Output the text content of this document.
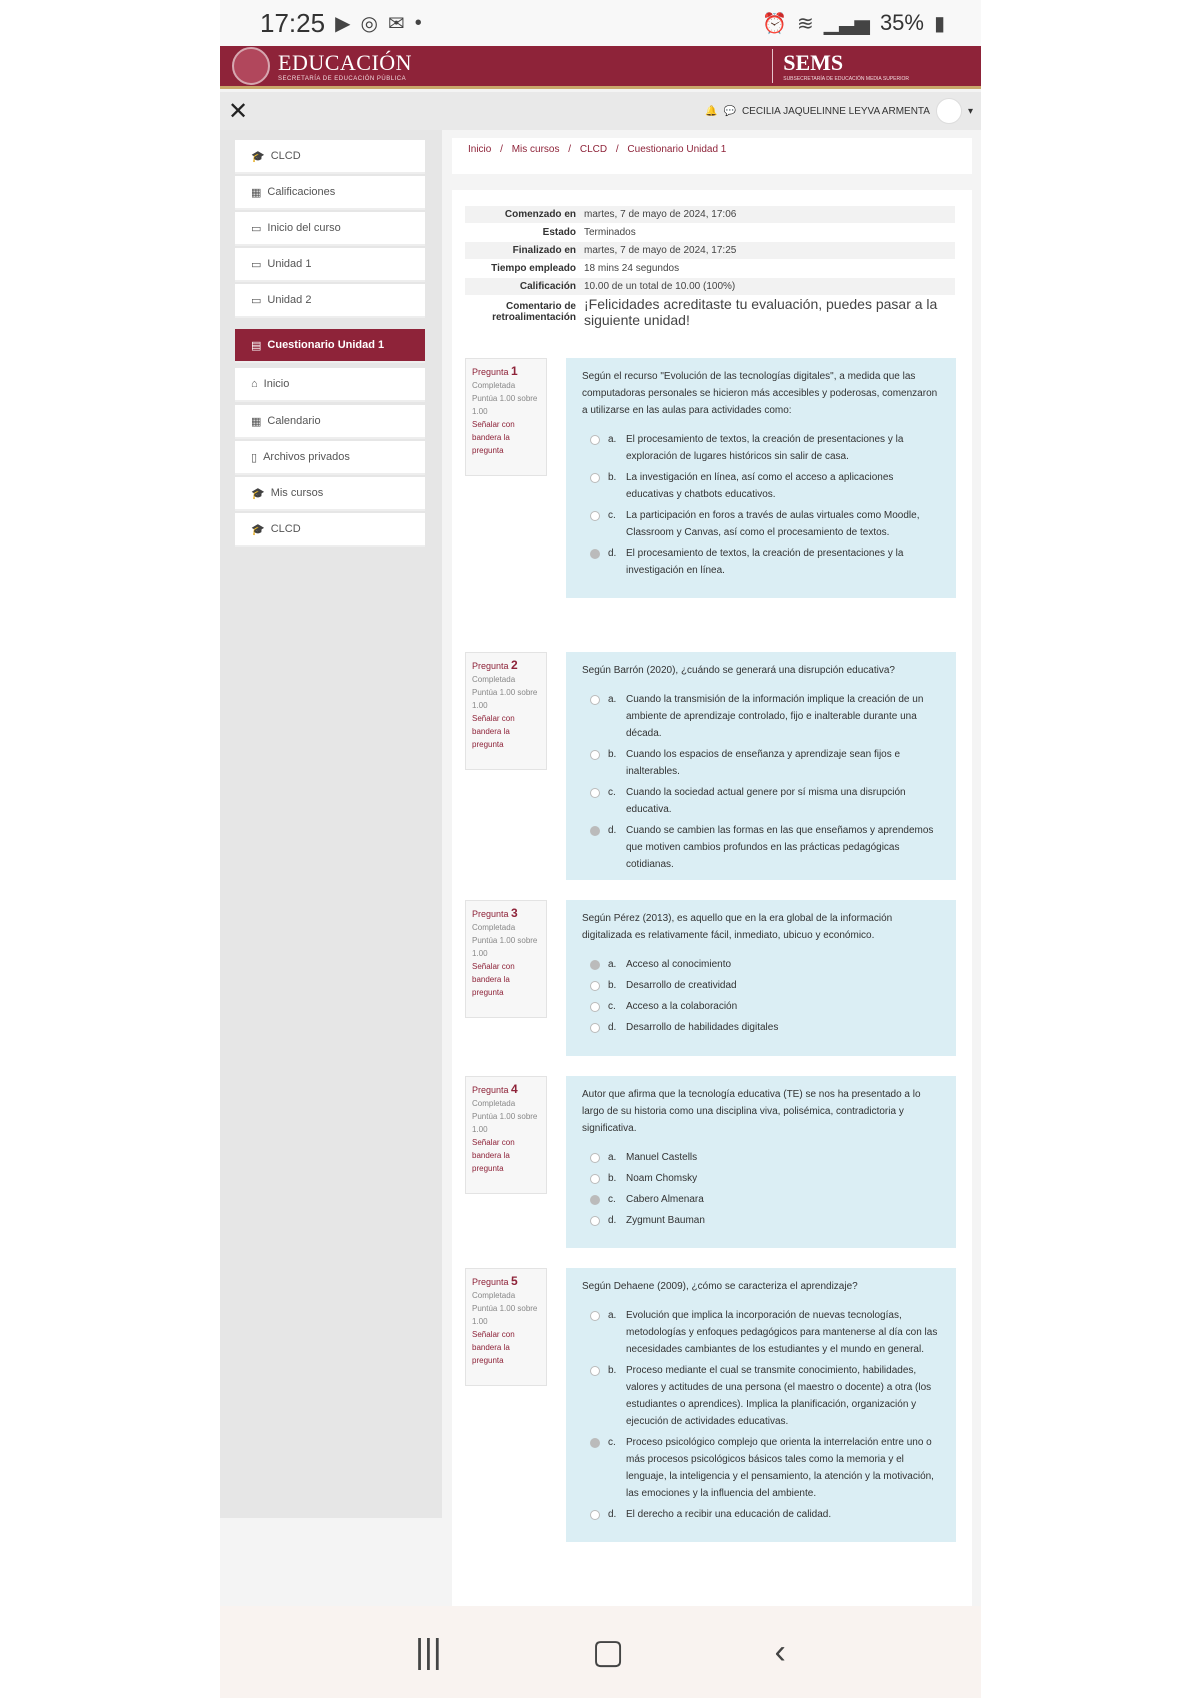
17:25 ▶ ◎ ✉ •	⏰ ≋ ▁▃▅ 35% ▮
EDUCACIÓN
SECRETARÍA DE EDUCACIÓN PÚBLICA
SEMS
SUBSECRETARÍA DE EDUCACIÓN MEDIA SUPERIOR
✕	🔔 💬 CECILIA JAQUELINNE LEYVA ARMENTA	▾
🎓 CLCD
▦ Calificaciones
▭ Inicio del curso
▭ Unidad 1
▭ Unidad 2
▤ Cuestionario Unidad 1
⌂ Inicio
▦ Calendario
▯ Archivos privados
🎓 Mis cursos
🎓 CLCD
Inicio / Mis cursos / CLCD / Cuestionario Unidad 1
Comenzado en martes, 7 de mayo de 2024, 17:06
Estado Terminados
Finalizado en martes, 7 de mayo de 2024, 17:25
Tiempo empleado 18 mins 24 segundos
Calificación 10.00 de un total de 10.00 (100%)
Comentario de retroalimentación
¡Felicidades acreditaste tu evaluación, puedes pasar a la siguiente unidad!
Pregunta 1
Completada
Puntúa 1.00 sobre 1.00
Señalar con bandera la pregunta
Según el recurso "Evolución de las tecnologías digitales", a medida que las computadoras personales se hicieron más accesibles y poderosas, comenzaron a utilizarse en las aulas para actividades como:
a. El procesamiento de textos, la creación de presentaciones y la exploración de lugares históricos sin salir de casa.
b. La investigación en línea, así como el acceso a aplicaciones educativas y chatbots educativos.
c.	La participación en foros a través de aulas virtuales como Moodle, Classroom y Canvas, así como el procesamiento de textos.
d. El procesamiento de textos, la creación de presentaciones y la investigación en línea.
Pregunta 2
Completada
Puntúa 1.00 sobre 1.00
Señalar con bandera la pregunta
Según Barrón (2020), ¿cuándo se generará una disrupción educativa?
a. Cuando la transmisión de la información implique la creación de un ambiente de aprendizaje controlado, fijo e inalterable durante una década.
b. Cuando los espacios de enseñanza y aprendizaje sean fijos e inalterables.
c.	Cuando la sociedad actual genere por sí misma una disrupción educativa.
d. Cuando se cambien las formas en las que enseñamos y aprendemos que motiven cambios profundos en las prácticas pedagógicas cotidianas.
Pregunta 3
Completada
Puntúa 1.00 sobre 1.00
Señalar con bandera la pregunta
Según Pérez (2013), es aquello que en la era global de la información digitalizada es relativamente fácil, inmediato, ubicuo y económico.
a. Acceso al conocimiento
b. Desarrollo de creatividad
c.	Acceso a la colaboración
d. Desarrollo de habilidades digitales
Pregunta 4
Completada
Puntúa 1.00 sobre 1.00
Señalar con bandera la pregunta
Autor que afirma que la tecnología educativa (TE) se nos ha presentado a lo largo de su historia como una disciplina viva, polisémica, contradictoria y significativa.
a. Manuel Castells
b. Noam Chomsky
c.	Cabero Almenara
d. Zygmunt Bauman
Pregunta 5
Completada
Puntúa 1.00 sobre 1.00
Señalar con bandera la pregunta
Según Dehaene (2009), ¿cómo se caracteriza el aprendizaje?
a. Evolución que implica la incorporación de nuevas tecnologías, metodologías y enfoques pedagógicos para mantenerse al día con las necesidades cambiantes de los estudiantes y el mundo en general.
b. Proceso mediante el cual se transmite conocimiento, habilidades, valores y actitudes de una persona (el maestro o docente) a otra (los estudiantes o aprendices). Implica la planificación, organización y ejecución de actividades educativas.
c.	Proceso psicológico complejo que orienta la interrelación entre uno o más procesos psicológicos básicos tales como la memoria y el lenguaje, la inteligencia y el pensamiento, la atención y la motivación, las emociones y la influencia del ambiente.
d. El derecho a recibir una educación de calidad.
|||	▢	‹
